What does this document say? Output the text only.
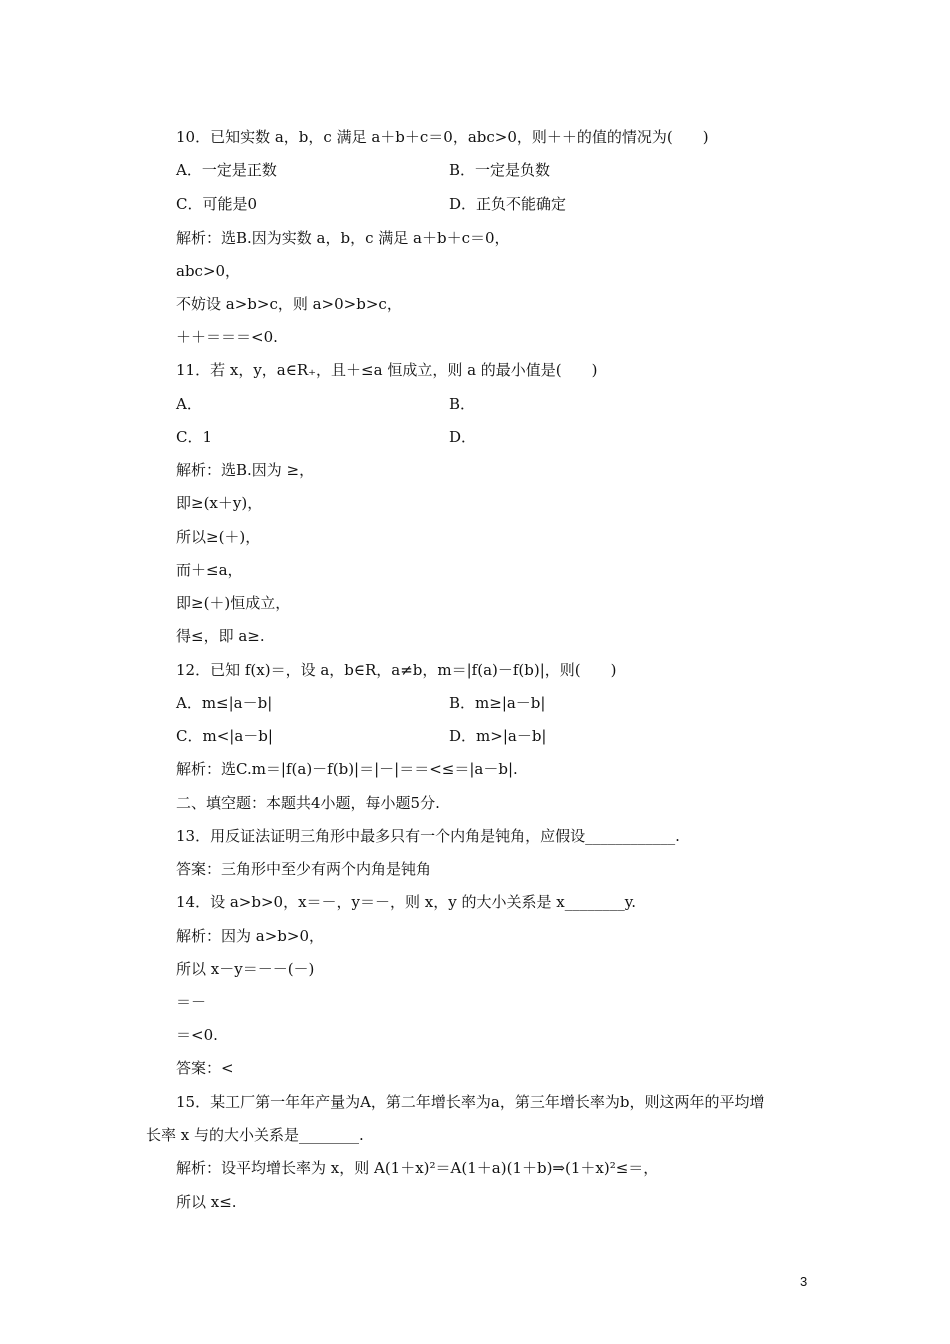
10．已知实数 a，b，c 满足 a＋b＋c＝0，abc>0，则＋＋的值的情况为(　　)
A．一定是正数	B．一定是负数
C．可能是0	D．正负不能确定
解析：选B.因为实数 a，b，c 满足 a＋b＋c＝0，
abc>0，
不妨设 a>b>c，则 a>0>b>c，
＋＋＝＝＝<0.
11．若 x，y，a∈R₊，且＋≤a 恒成立，则 a 的最小值是(　　)
A．	B．
C．1	D．
解析：选B.因为 ≥，
即≥(x＋y)，
所以≥(＋)，
而＋≤a，
即≥(＋)恒成立，
得≤，即 a≥.
12．已知 f(x)＝，设 a，b∈R，a≠b，m＝|f(a)－f(b)|，则(　　)
A．m≤|a－b|	B．m≥|a－b|
C．m<|a－b|	D．m>|a－b|
解析：选C.m＝|f(a)－f(b)|＝|－|＝＝<≤＝|a－b|.
二、填空题：本题共4小题，每小题5分.
13．用反证法证明三角形中最多只有一个内角是钝角，应假设____________.
答案：三角形中至少有两个内角是钝角
14．设 a>b>0，x＝－，y＝－，则 x，y 的大小关系是 x________y.
解析：因为 a>b>0，
所以 x－y＝－－(－)
＝－
＝<0.
答案：<
15．某工厂第一年年产量为A，第二年增长率为a，第三年增长率为b，则这两年的平均增
长率 x 与的大小关系是________.
解析：设平均增长率为 x，则 A(1＋x)²＝A(1＋a)(1＋b)⇒(1＋x)²≤＝，
所以 x≤.
3
